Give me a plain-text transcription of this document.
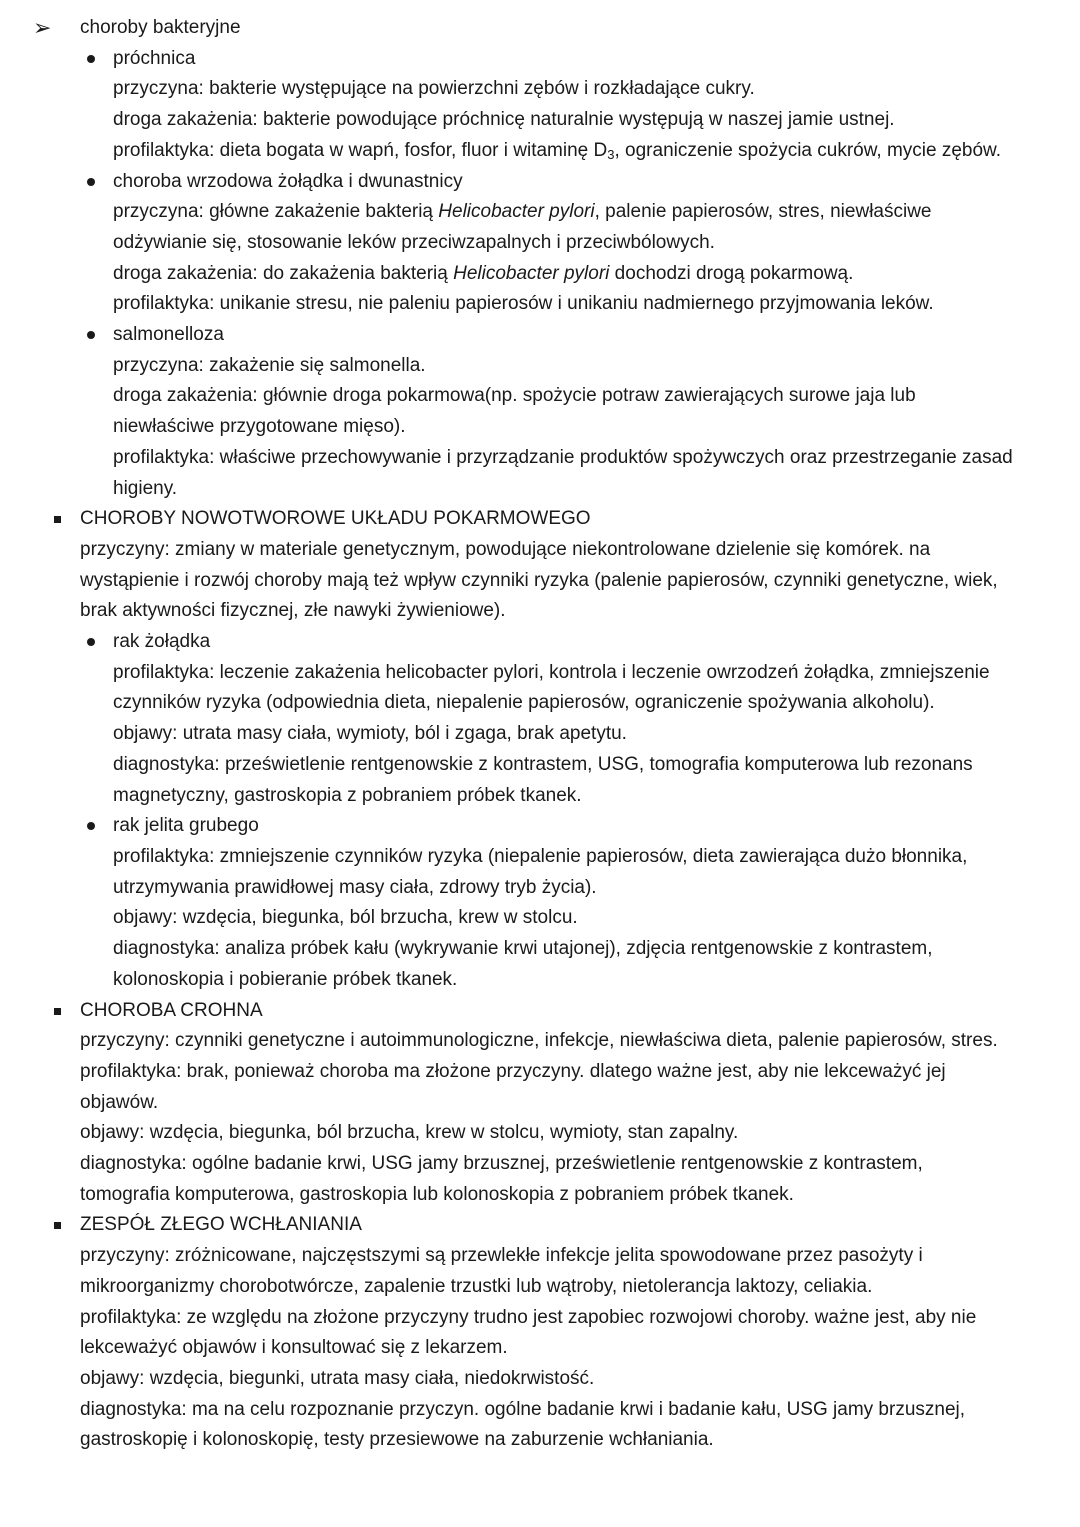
➢ choroby bakteryjne
próchnica
przyczyna: bakterie występujące na powierzchni zębów i rozkładające cukry.
droga zakażenia: bakterie powodujące próchnicę naturalnie występują w naszej jamie ustnej.
profilaktyka: dieta bogata w wapń, fosfor, fluor i witaminę $D_3$, ograniczenie spożycia cukrów, mycie zębów.
choroba wrzodowa żołądka i dwunastnicy
przyczyna: główne zakażenie bakterią Helicobacter pylori, palenie papierosów, stres, niewłaściwe
odżywianie się, stosowanie leków przeciwzapalnych i przeciwbólowych.
droga zakażenia: do zakażenia bakterią Helicobacter pylori dochodzi drogą pokarmową.
profilaktyka: unikanie stresu, nie paleniu papierosów i unikaniu nadmiernego przyjmowania leków.
salmonelloza
przyczyna: zakażenie się salmonella.
droga zakażenia: głównie droga pokarmowa(np. spożycie potraw zawierających surowe jaja lub
niewłaściwe przygotowane mięso).
profilaktyka: właściwe przechowywanie i przyrządzanie produktów spożywczych oraz przestrzeganie zasad
higieny.
CHOROBY NOWOTWOROWE UKŁADU POKARMOWEGO
przyczyny: zmiany w materiale genetycznym, powodujące niekontrolowane dzielenie się komórek. na
wystąpienie i rozwój choroby mają też wpływ czynniki ryzyka (palenie papierosów, czynniki genetyczne, wiek,
brak aktywności fizycznej, złe nawyki żywieniowe).
rak żołądka
profilaktyka: leczenie zakażenia helicobacter pylori, kontrola i leczenie owrzodzeń żołądka, zmniejszenie
czynników ryzyka (odpowiednia dieta, niepalenie papierosów, ograniczenie spożywania alkoholu).
objawy: utrata masy ciała, wymioty, ból i zgaga, brak apetytu.
diagnostyka: prześwietlenie rentgenowskie z kontrastem, USG, tomografia komputerowa lub rezonans
magnetyczny, gastroskopia z pobraniem próbek tkanek.
rak jelita grubego
profilaktyka: zmniejszenie czynników ryzyka (niepalenie papierosów, dieta zawierająca dużo błonnika,
utrzymywania prawidłowej masy ciała, zdrowy tryb życia).
objawy: wzdęcia, biegunka, ból brzucha, krew w stolcu.
diagnostyka: analiza próbek kału (wykrywanie krwi utajonej), zdjęcia rentgenowskie z kontrastem,
kolonoskopia i pobieranie próbek tkanek.
CHOROBA CROHNA
przyczyny: czynniki genetyczne i autoimmunologiczne, infekcje, niewłaściwa dieta, palenie papierosów, stres.
profilaktyka: brak, ponieważ choroba ma złożone przyczyny. dlatego ważne jest, aby nie lekceważyć jej
objawów.
objawy: wzdęcia, biegunka, ból brzucha, krew w stolcu, wymioty, stan zapalny.
diagnostyka: ogólne badanie krwi, USG jamy brzusznej, prześwietlenie rentgenowskie z kontrastem,
tomografia komputerowa, gastroskopia lub kolonoskopia z pobraniem próbek tkanek.
ZESPÓŁ ZŁEGO WCHŁANIANIA
przyczyny: zróżnicowane, najczęstszymi są przewlekłe infekcje jelita spowodowane przez pasożyty i
mikroorganizmy chorobotwórcze, zapalenie trzustki lub wątroby, nietolerancja laktozy, celiakia.
profilaktyka: ze względu na złożone przyczyny trudno jest zapobiec rozwojowi choroby. ważne jest, aby nie
lekceważyć objawów i konsultować się z lekarzem.
objawy: wzdęcia, biegunki, utrata masy ciała, niedokrwistość.
diagnostyka: ma na celu rozpoznanie przyczyn. ogólne badanie krwi i badanie kału, USG jamy brzusznej,
gastroskopię i kolonoskopię, testy przesiewowe na zaburzenie wchłaniania.
